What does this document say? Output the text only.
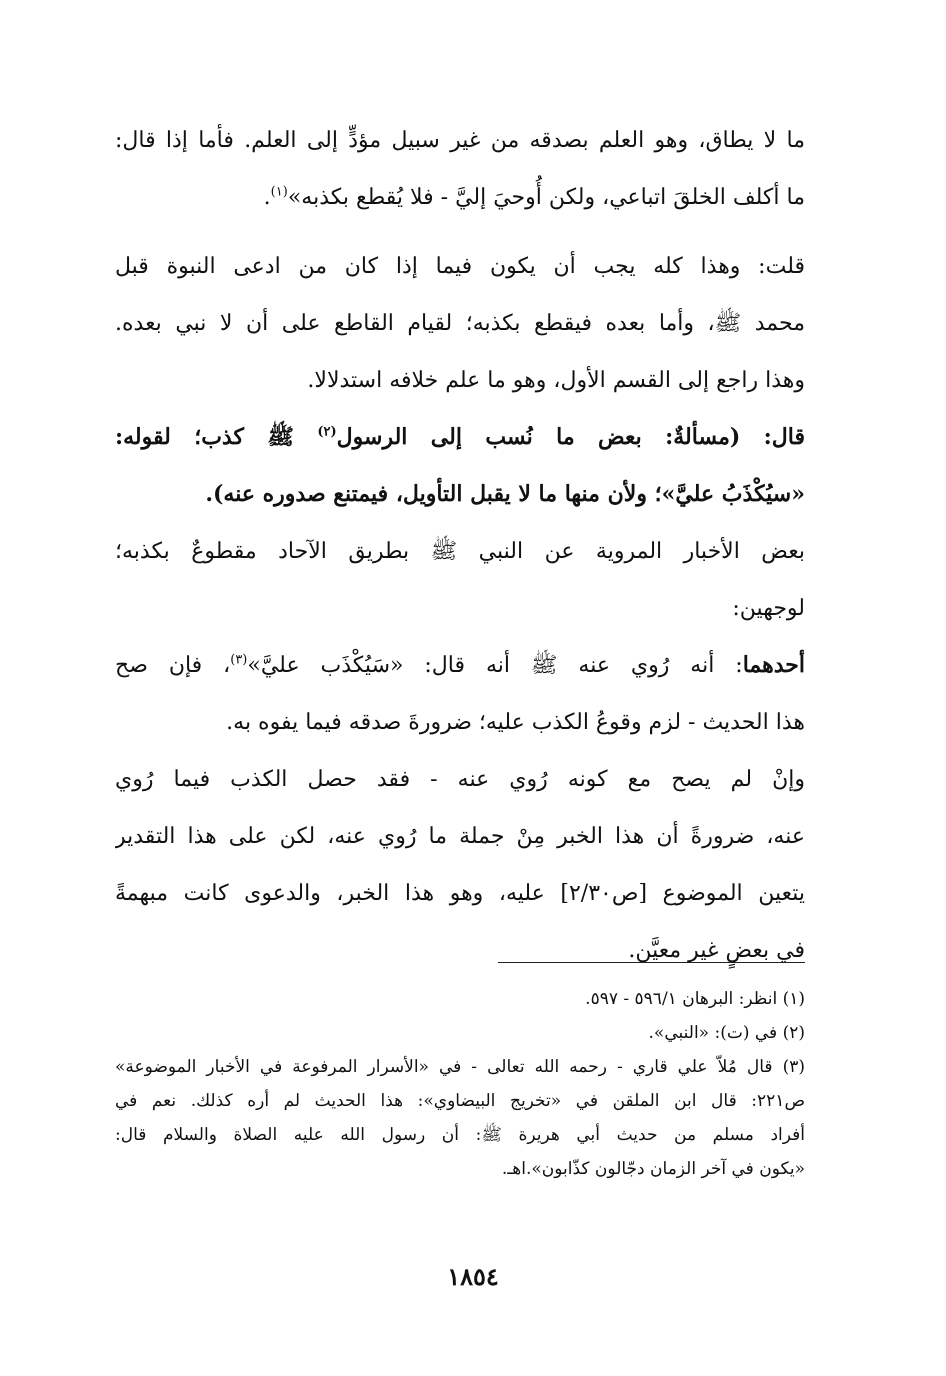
ما لا يطاق، وهو العلم بصدقه من غير سبيل مؤدٍّ إلى العلم. فأما إذا قال:
ما أكلف الخلقَ اتباعي، ولكن أُوحيَ إليَّ - فلا يُقطع بكذبه»$^{(١)}$.
قلت: وهذا كله يجب أن يكون فيما إذا كان من ادعى النبوة قبل
محمد ﷺ، وأما بعده فيقطع بكذبه؛ لقيام القاطع على أن لا نبي بعده.
وهذا راجع إلى القسم الأول، وهو ما علم خلافه استدلالا.
قال: (مسألةٌ: بعض ما نُسب إلى الرسول$^{(٢)}$ ﷺ كذب؛ لقوله:
«سيُكْذَبُ عليَّ»؛ ولأن منها ما لا يقبل التأويل، فيمتنع صدوره عنه).
بعض الأخبار المروية عن النبي ﷺ بطريق الآحاد مقطوعٌ بكذبه؛
لوجهين:
أحدهما: أنه رُوي عنه ﷺ أنه قال: «سَيُكْذَب عليَّ»$^{(٣)}$، فإن صح
هذا الحديث - لزم وقوعُ الكذب عليه؛ ضرورةَ صدقه فيما يفوه به.
وإنْ لم يصح مع كونه رُوي عنه - فقد حصل الكذب فيما رُوي
عنه، ضرورةً أن هذا الخبر مِنْ جملة ما رُوي عنه، لكن على هذا التقدير
يتعين الموضوع [ص٢/٣٠] عليه، وهو هذا الخبر، والدعوى كانت مبهمةً
في بعضٍ غير معيَّن.
(١) انظر: البرهان ٥٩٦/١ - ٥٩٧.
(٢) في (ت): «النبي».
(٣) قال مُلاّ علي قاري - رحمه الله تعالى - في «الأسرار المرفوعة في الأخبار الموضوعة»
ص٢٢١: قال ابن الملقن في «تخريج البيضاوي»: هذا الحديث لم أره كذلك. نعم في
أفراد مسلم من حديث أبي هريرة ﷺ: أن رسول الله عليه الصلاة والسلام قال:
«يكون في آخر الزمان دجّالون كذّابون».اهـ.
١٨٥٤
